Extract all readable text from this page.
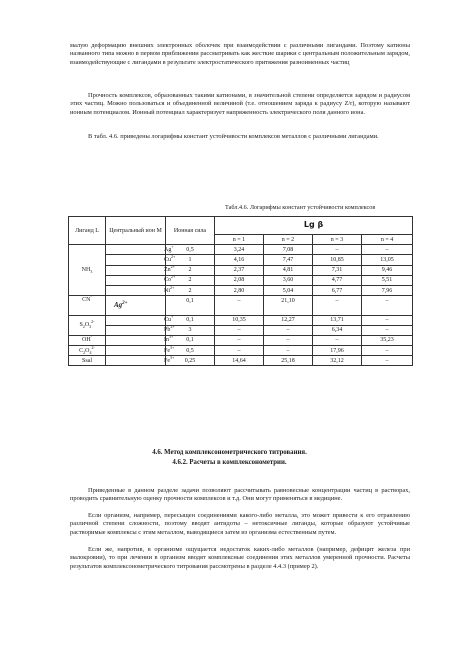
малую деформацию внешних электронных оболочек при взаимодействии с различными лигандами. Поэтому катионы названного типа можно в первом приближении рассматривать как жесткие шарики с центральным положительным зарядом, взаимодействующие с лигандами в результате электростатического притяжения разноименных частиц

Прочность комплексов, образованных такими катионами, в значительной степени определяется зарядом и радиусом этих частиц. Можно пользоваться и объединенной величиной (т.е. отношением заряда к радиусу Z/r), которую называют ионным потенциалом. Ионный потенциал характеризует напряженность электрического поля данного иона.

В табл. 4.6. приведены логарифмы констант устойчивости комплексов металлов с различными лигандами.

Табл.4.6. Логарифмы констант устойчивости комплексов
Лиганд L	Центральный ион М	Ионная сила	Lg β			
			n = 1	n = 2	n = 3	n = 4
$NH_3$	Ag+	0,5	3,24	7,08	–	–
	$Cu^{2+}$	1	4,16	7,47	10,85	13,05
	$Zn^{2+}$	2	2,37	4,81	7,31	9,46
	$Co^{2+}$	2	2,08	3,60	4,77	5,51
	$Ni^{2+}$	2	2,80	5,04	6,77	7,96
CN-	$Ag^{2+}$	0,1	–	21,10	–	–

$S_2O_3^{2-}$	Cu+	0,1	10,35	12,27	13,71	–
	$Pb^{2+}$	3	–	–	6,34	–
OH-	$In^{3+}$	0,1	–	–	–	35,23
$C_2O_4^{2-}$	$Fe^{3+}$	0,5	–	–	17,96	–
Ssal	$Fe^{3+}$	0,25	14,64	25,18	32,12	–
4.6. Метод комплексонометрического титрования.
4.6.2. Расчеты в комплексонометрии.

Приведенные в данном разделе задачи позволяют рассчитывать равновесные концентрации частиц в растворах, проводить сравнительную оценку прочности комплексов и т.д. Они могут применяться в медицине.

Если организм, например, пересыщен соединениями какого-либо металла, это может привести к его отравлению различной степени сложности, поэтому вводят антидоты – нетоксичные лиганды, которые образуют устойчивые растворимые комплексы с этим металлом, выводящиеся затем из организма естественным путем.

Если же, напротив, в организме ощущается недостаток каких-либо металлов (например, дефицит железа при малокровии), то при лечении в организм вводят комплексные соединения этих металлов умеренной прочности. Расчеты результатов комплексонометрического титрования рассмотрены в разделе 4.4.3 (пример 2).
